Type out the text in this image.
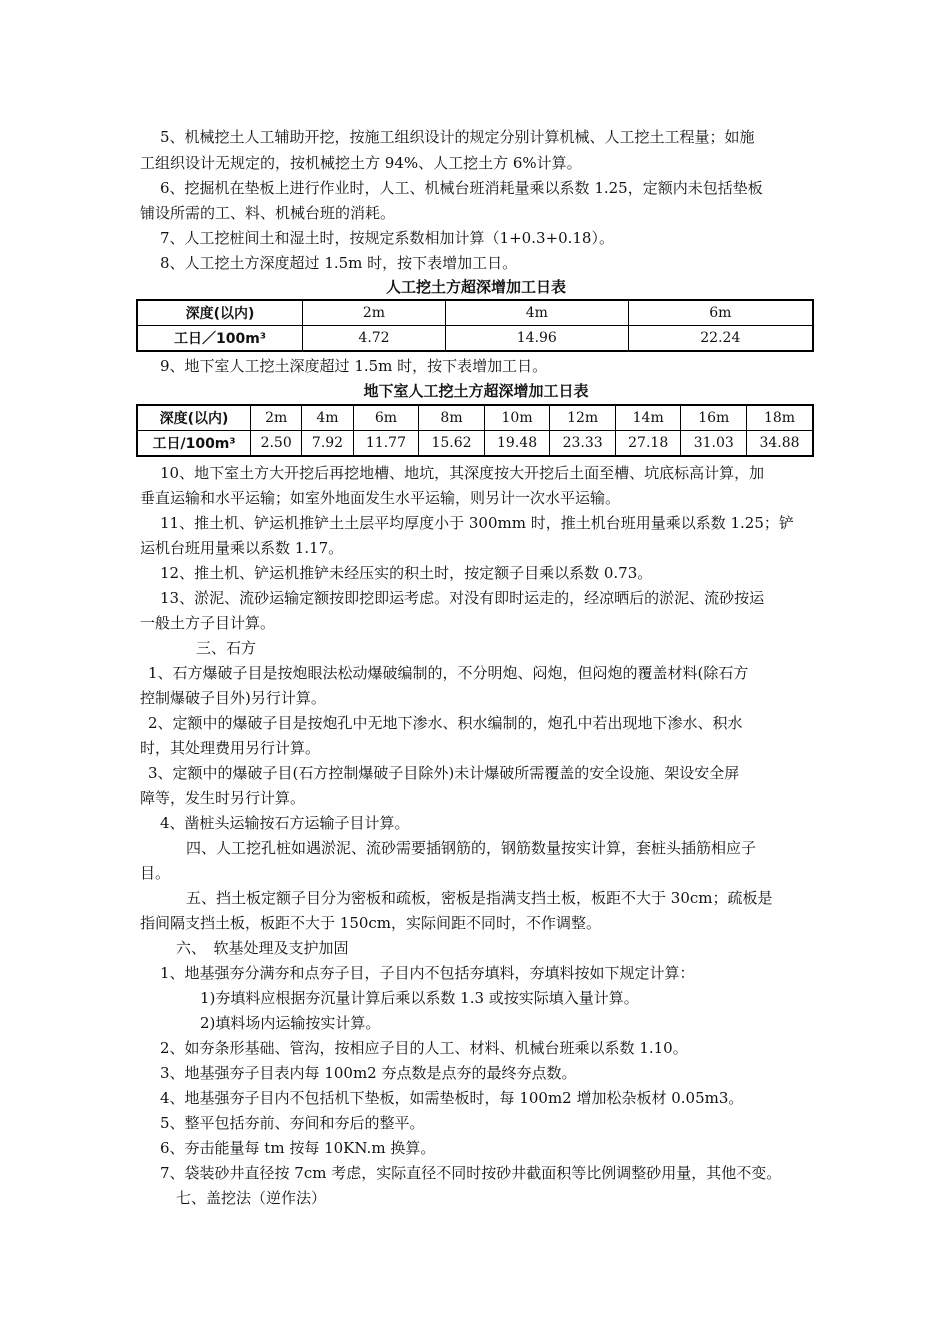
5、机械挖土人工辅助开挖，按施工组织设计的规定分别计算机械、人工挖土工程量；如施
工组织设计无规定的，按机械挖土方 94%、人工挖土方 6%计算。
6、挖掘机在垫板上进行作业时，人工、机械台班消耗量乘以系数 1.25，定额内未包括垫板
铺设所需的工、料、机械台班的消耗。
7、人工挖桩间土和湿土时，按规定系数相加计算（1+0.3+0.18）。
8、人工挖土方深度超过 1.5m 时，按下表增加工日。
人工挖土方超深增加工日表
深度(以内)	2m	4m	6m
工日／100m³	4.72	14.96	22.24
9、地下室人工挖土深度超过 1.5m 时，按下表增加工日。
地下室人工挖土方超深增加工日表
深度(以内)	2m	4m	6m	8m	10m	12m	14m	16m	18m
工日/100m³	2.50	7.92	11.77	15.62	19.48	23.33	27.18	31.03	34.88
10、地下室土方大开挖后再挖地槽、地坑，其深度按大开挖后土面至槽、坑底标高计算，加
垂直运输和水平运输；如室外地面发生水平运输，则另计一次水平运输。
11、推土机、铲运机推铲土土层平均厚度小于 300mm 时，推土机台班用量乘以系数 1.25；铲
运机台班用量乘以系数 1.17。
12、推土机、铲运机推铲未经压实的积土时，按定额子目乘以系数 0.73。
13、淤泥、流砂运输定额按即挖即运考虑。对没有即时运走的，经凉晒后的淤泥、流砂按运
一般土方子目计算。
三、石方
1、石方爆破子目是按炮眼法松动爆破编制的，不分明炮、闷炮，但闷炮的覆盖材料(除石方
控制爆破子目外)另行计算。
2、定额中的爆破子目是按炮孔中无地下渗水、积水编制的，炮孔中若出现地下渗水、积水
时，其处理费用另行计算。
3、定额中的爆破子目(石方控制爆破子目除外)未计爆破所需覆盖的安全设施、架设安全屏
障等，发生时另行计算。
4、凿桩头运输按石方运输子目计算。
四、人工挖孔桩如遇淤泥、流砂需要插钢筋的，钢筋数量按实计算，套桩头插筋相应子
目。
五、挡土板定额子目分为密板和疏板，密板是指满支挡土板，板距不大于 30cm；疏板是
指间隔支挡土板，板距不大于 150cm，实际间距不同时，不作调整。
六、　软基处理及支护加固
1、地基强夯分满夯和点夯子目，子目内不包括夯填料，夯填料按如下规定计算：
1)夯填料应根据夯沉量计算后乘以系数 1.3 或按实际填入量计算。
2)填料场内运输按实计算。
2、如夯条形基础、管沟，按相应子目的人工、材料、机械台班乘以系数 1.10。
3、地基强夯子目表内每 100m2 夯点数是点夯的最终夯点数。
4、地基强夯子目内不包括机下垫板，如需垫板时，每 100m2 增加松杂板材 0.05m3。
5、整平包括夯前、夯间和夯后的整平。
6、夯击能量每 tm 按每 10KN.m 换算。
7、袋装砂井直径按 7cm 考虑，实际直径不同时按砂井截面积等比例调整砂用量，其他不变。
七、盖挖法（逆作法）
